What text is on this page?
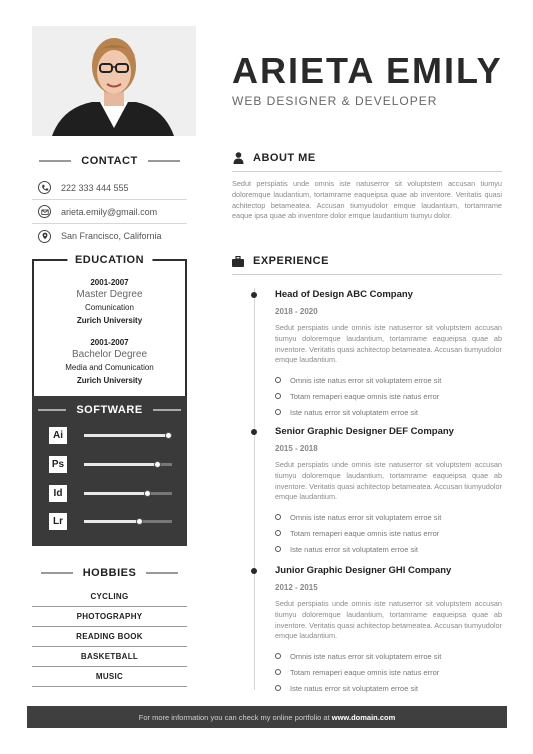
ARIETA EMILY
WEB DESIGNER & DEVELOPER
CONTACT
222 333 444 555
arieta.emily@gmail.com
San Francisco, California
EDUCATION
2001-2007
Master Degree
Comunication
Zurich University
2001-2007
Bachelor Degree
Media and Comunication
Zurich University
SOFTWARE
Ai
Ps
Id
Lr
HOBBIES
CYCLING
PHOTOGRAPHY
READING BOOK
BASKETBALL
MUSIC
ABOUT ME
Sedut perspiatis unde omnis iste natuserror sit voluptstem accusan tiumyu doloremque laudantium, tortamrame eaqueipsa quae ab inventore. Veritatis quasi achitectop betameatea. Accusan tiumyudolor emque laudantium, tortamrame eaque ipsa quae ab inventore dolor emque laudantium tiumyu dolor.
EXPERIENCE
Head of Design ABC Company
2018 - 2020
Sedut perspiatis unde omnis iste natuserror sit voluptstem accusan tiumyu doloremque laudantium, tortamrame eaqueipsa quae ab inventore. Veritatis quasi achitectop betameatea. Accusan tiumyudolor emque laudantium.
Omnis iste natus error sit voluptatem erroe sit
Totam remaperi eaque omnis iste natus error
Iste natus error sit voluptatem erroe sit
Senior Graphic Designer DEF Company
2015 - 2018
Sedut perspiatis unde omnis iste natuserror sit voluptstem accusan tiumyu doloremque laudantium, tortamrame eaqueipsa quae ab inventore. Veritatis quasi achitectop betameatea. Accusan tiumyudolor emque laudantium.
Omnis iste natus error sit voluptatem erroe sit
Totam remaperi eaque omnis iste natus error
Iste natus error sit voluptatem erroe sit
Junior Graphic Designer GHI Company
2012 - 2015
Sedut perspiatis unde omnis iste natuserror sit voluptstem accusan tiumyu doloremque laudantium, tortamrame eaqueipsa quae ab inventore. Veritatis quasi achitectop betameatea. Accusan tiumyudolor emque laudantium.
Omnis iste natus error sit voluptatem erroe sit
Totam remaperi eaque omnis iste natus error
Iste natus error sit voluptatem erroe sit
For more information you can check my online portfolio at www.domain.com
